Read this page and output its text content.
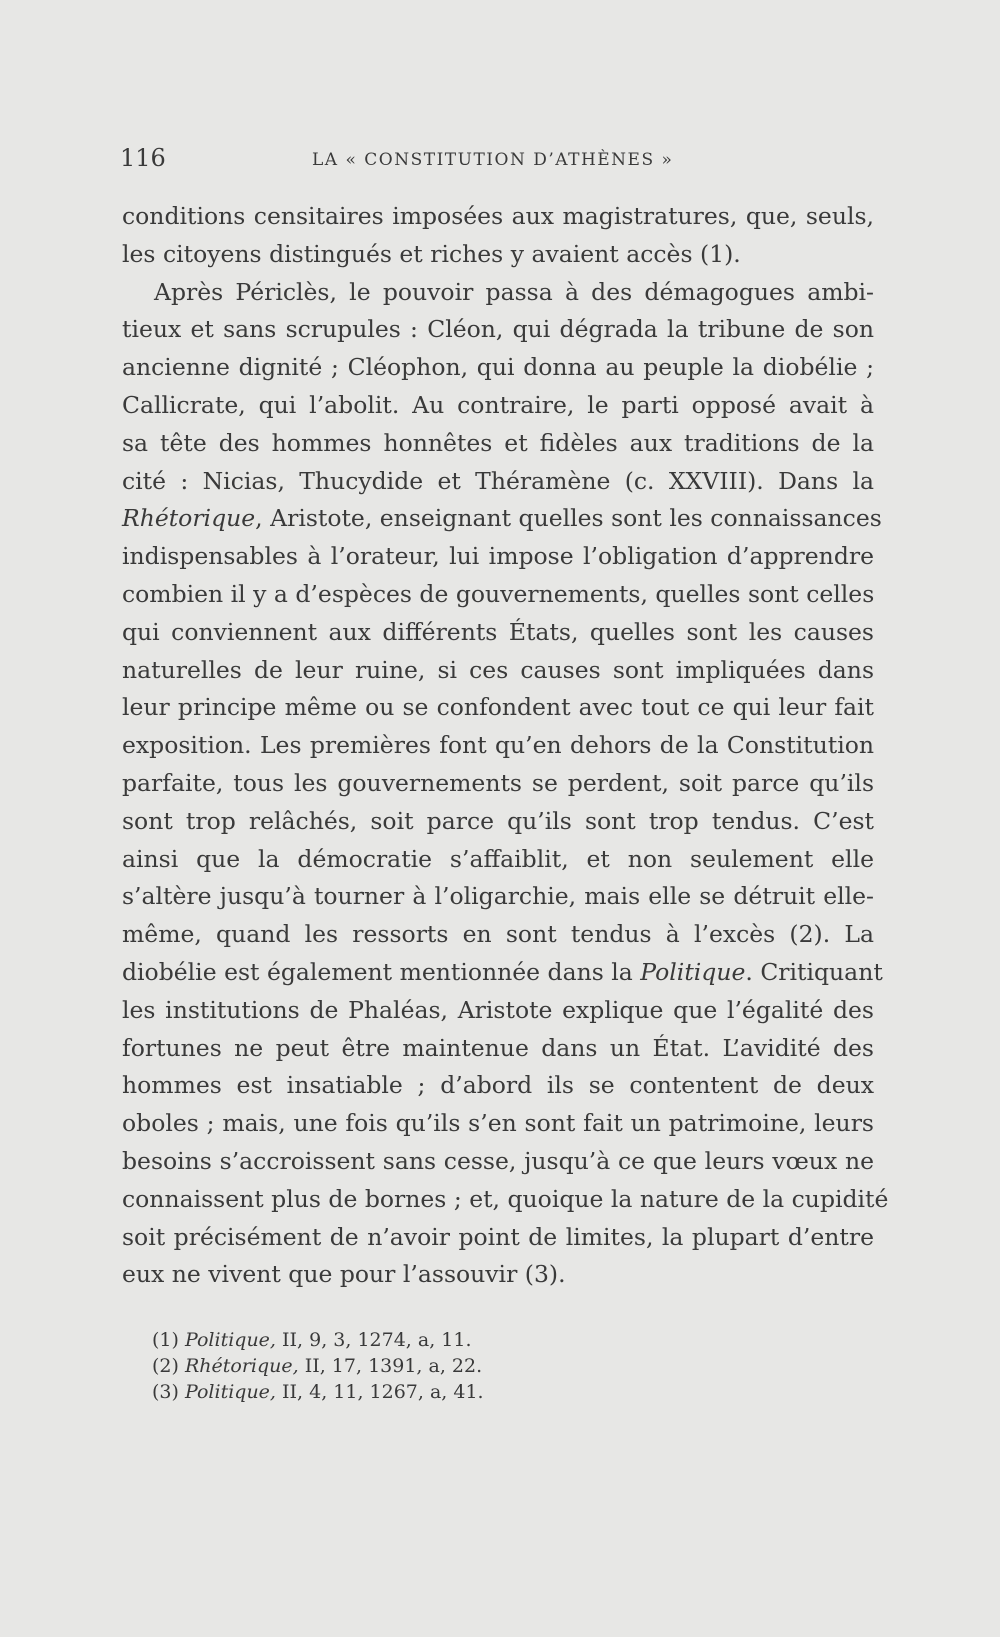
116	LA « CONSTITUTION D’ATHÈNES »
conditions censitaires imposées aux magistratures, que, seuls,
les citoyens distingués et riches y avaient accès (1).
Après Périclès, le pouvoir passa à des démagogues ambi-
tieux et sans scrupules : Cléon, qui dégrada la tribune de son
ancienne dignité ; Cléophon, qui donna au peuple la diobélie ;
Callicrate, qui l’abolit. Au contraire, le parti opposé avait à
sa tête des hommes honnêtes et fidèles aux traditions de la
cité : Nicias, Thucydide et Théramène (c. XXVIII). Dans la
Rhétorique, Aristote, enseignant quelles sont les connaissances
indispensables à l’orateur, lui impose l’obligation d’apprendre
combien il y a d’espèces de gouvernements, quelles sont celles
qui conviennent aux différents États, quelles sont les causes
naturelles de leur ruine, si ces causes sont impliquées dans
leur principe même ou se confondent avec tout ce qui leur fait
exposition. Les premières font qu’en dehors de la Constitution
parfaite, tous les gouvernements se perdent, soit parce qu’ils
sont trop relâchés, soit parce qu’ils sont trop tendus. C’est
ainsi que la démocratie s’affaiblit, et non seulement elle
s’altère jusqu’à tourner à l’oligarchie, mais elle se détruit elle-
même, quand les ressorts en sont tendus à l’excès (2). La
diobélie est également mentionnée dans la Politique. Critiquant
les institutions de Phaléas, Aristote explique que l’égalité des
fortunes ne peut être maintenue dans un État. L’avidité des
hommes est insatiable ; d’abord ils se contentent de deux
oboles ; mais, une fois qu’ils s’en sont fait un patrimoine, leurs
besoins s’accroissent sans cesse, jusqu’à ce que leurs vœux ne
connaissent plus de bornes ; et, quoique la nature de la cupidité
soit précisément de n’avoir point de limites, la plupart d’entre
eux ne vivent que pour l’assouvir (3).
(1) Politique, II, 9, 3, 1274, a, 11.
(2) Rhétorique, II, 17, 1391, a, 22.
(3) Politique, II, 4, 11, 1267, a, 41.
